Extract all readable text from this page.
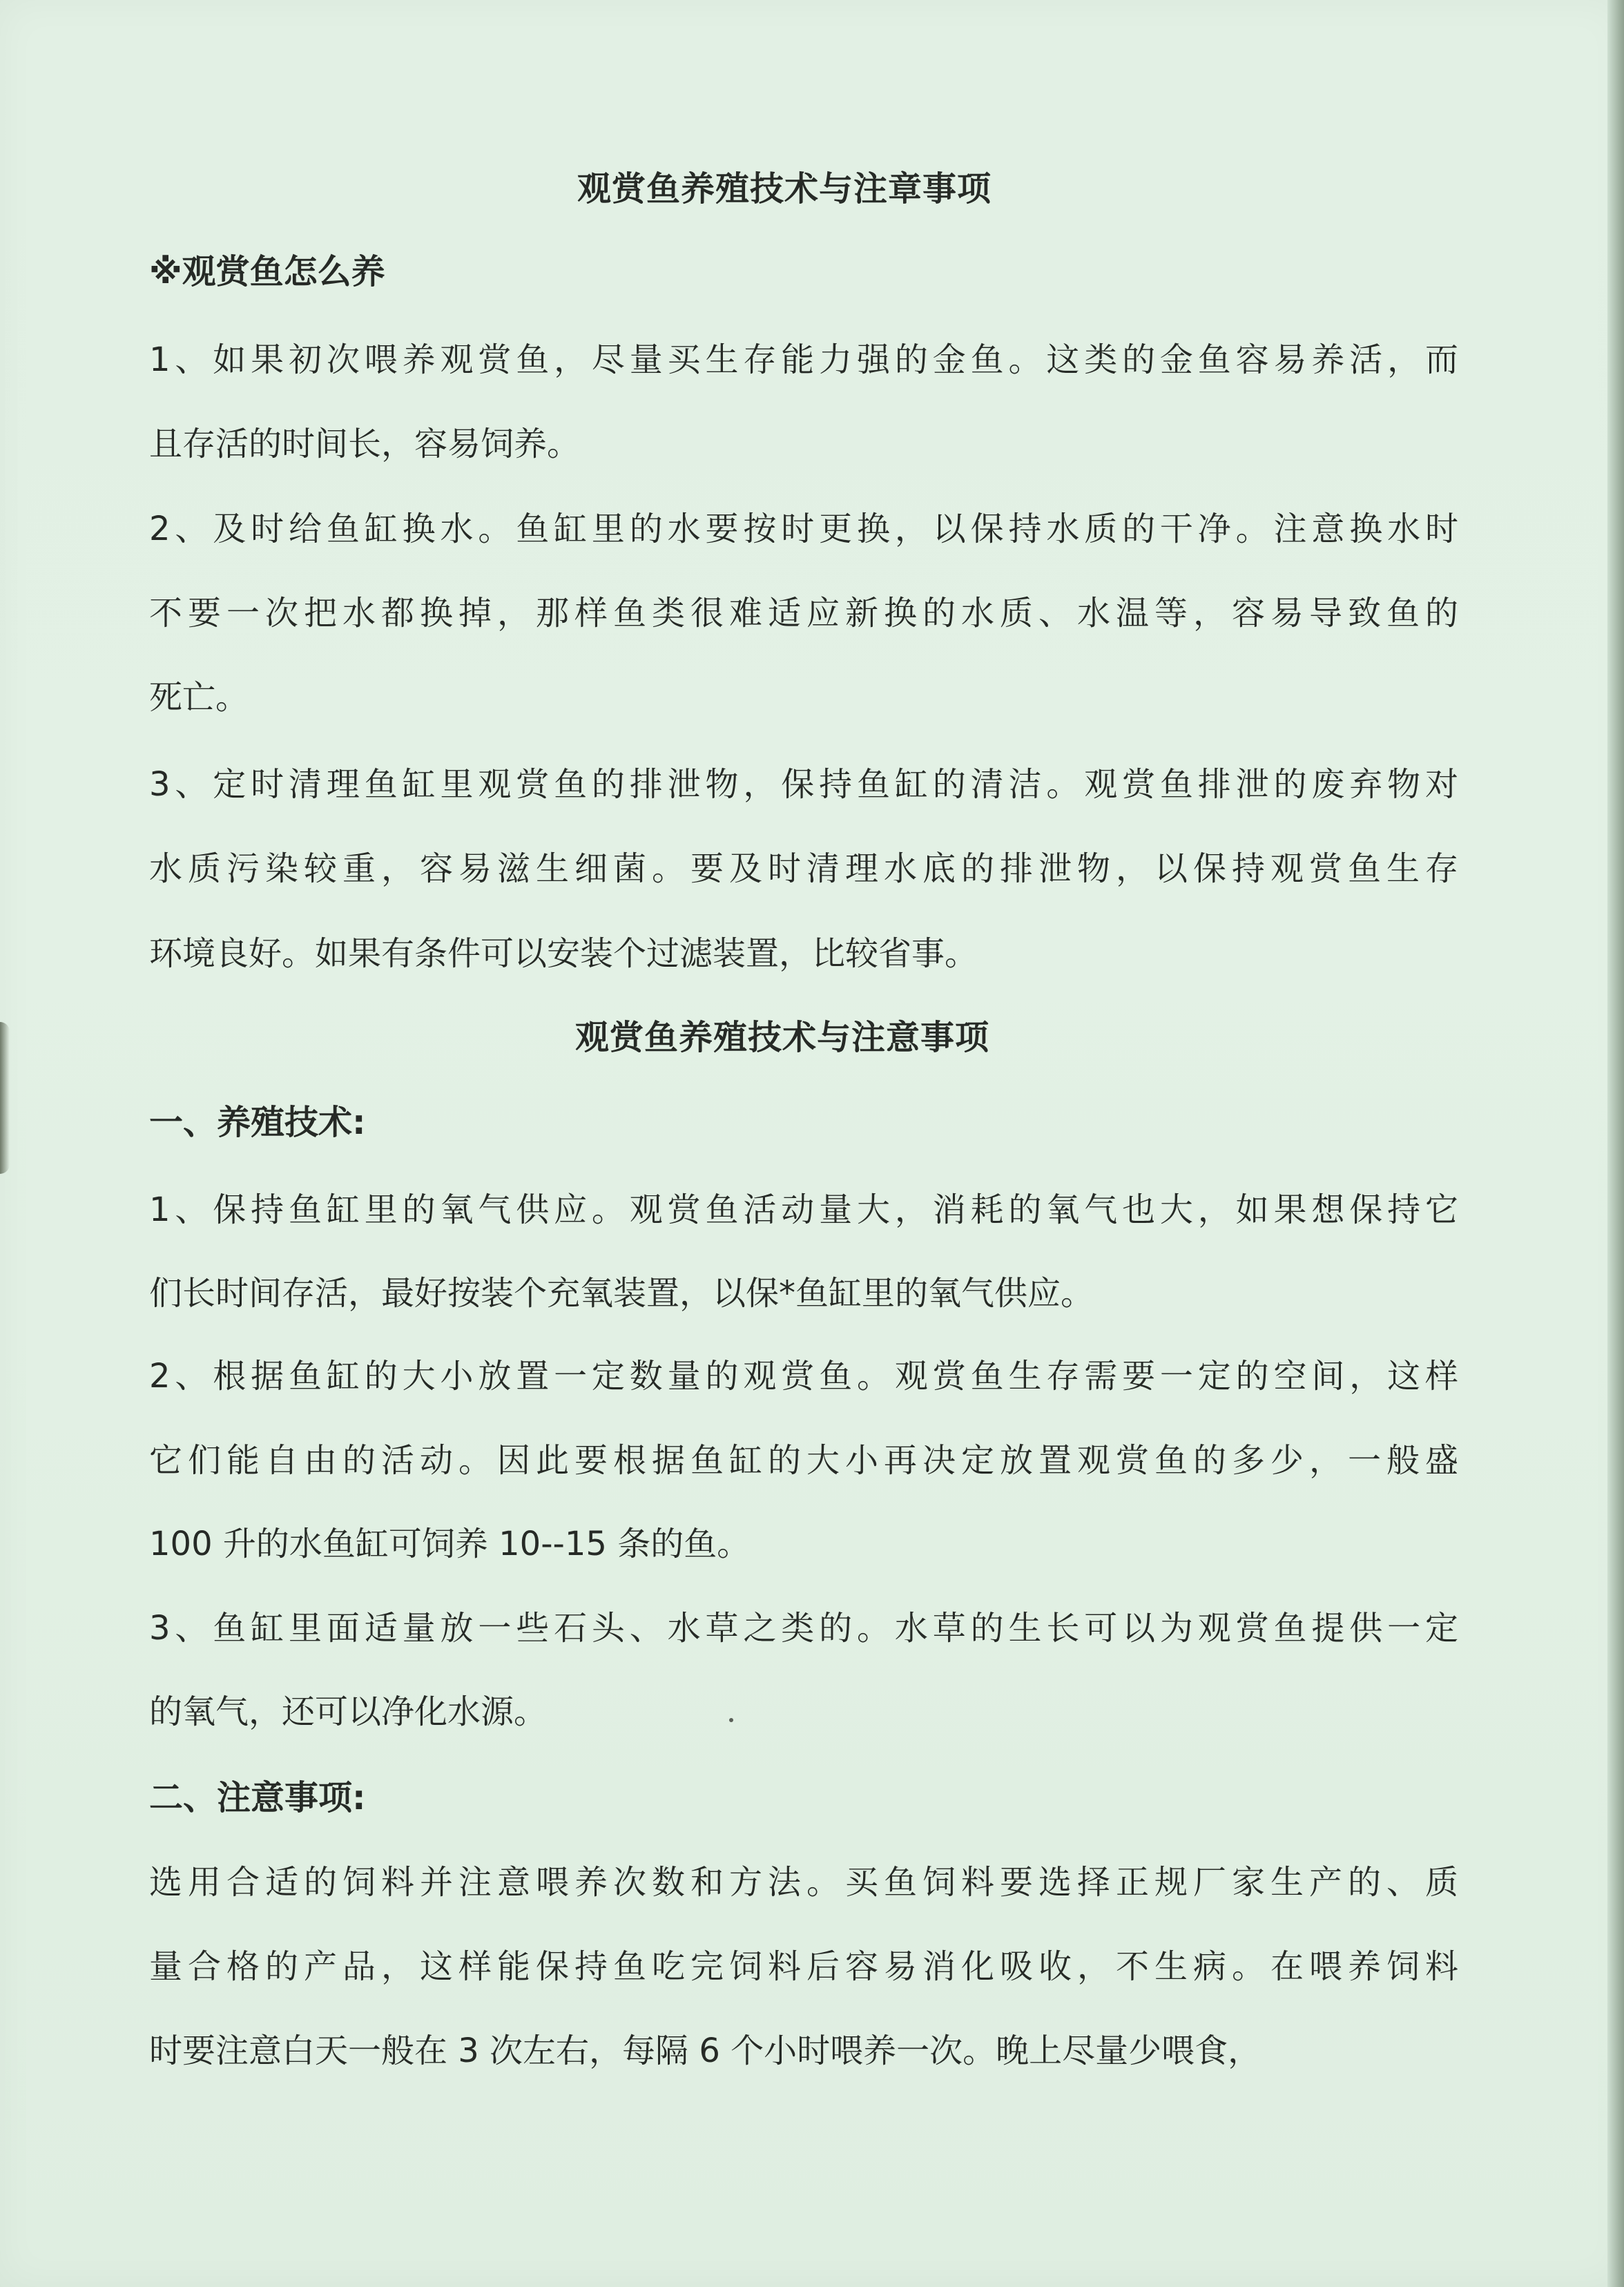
观赏鱼养殖技术与注章事项
※观赏鱼怎么养
1、如果初次喂养观赏鱼，尽量买生存能力强的金鱼。这类的金鱼容易养活，而
且存活的时间长，容易饲养。
2、及时给鱼缸换水。鱼缸里的水要按时更换，以保持水质的干净。注意换水时
不要一次把水都换掉，那样鱼类很难适应新换的水质、水温等，容易导致鱼的
死亡。
3、定时清理鱼缸里观赏鱼的排泄物，保持鱼缸的清洁。观赏鱼排泄的废弃物对
水质污染较重，容易滋生细菌。要及时清理水底的排泄物，以保持观赏鱼生存
环境良好。如果有条件可以安装个过滤装置，比较省事。
观赏鱼养殖技术与注意事项
一、养殖技术:
1、保持鱼缸里的氧气供应。观赏鱼活动量大，消耗的氧气也大，如果想保持它
们长时间存活，最好按装个充氧装置，以保*鱼缸里的氧气供应。
2、根据鱼缸的大小放置一定数量的观赏鱼。观赏鱼生存需要一定的空间，这样
它们能自由的活动。因此要根据鱼缸的大小再决定放置观赏鱼的多少，一般盛
100 升的水鱼缸可饲养 10--15 条的鱼。
3、鱼缸里面适量放一些石头、水草之类的。水草的生长可以为观赏鱼提供一定
的氧气，还可以净化水源。
二、注意事项:
选用合适的饲料并注意喂养次数和方法。买鱼饲料要选择正规厂家生产的、质
量合格的产品，这样能保持鱼吃完饲料后容易消化吸收，不生病。在喂养饲料
时要注意白天一般在 3 次左右，每隔 6 个小时喂养一次。晚上尽量少喂食，
